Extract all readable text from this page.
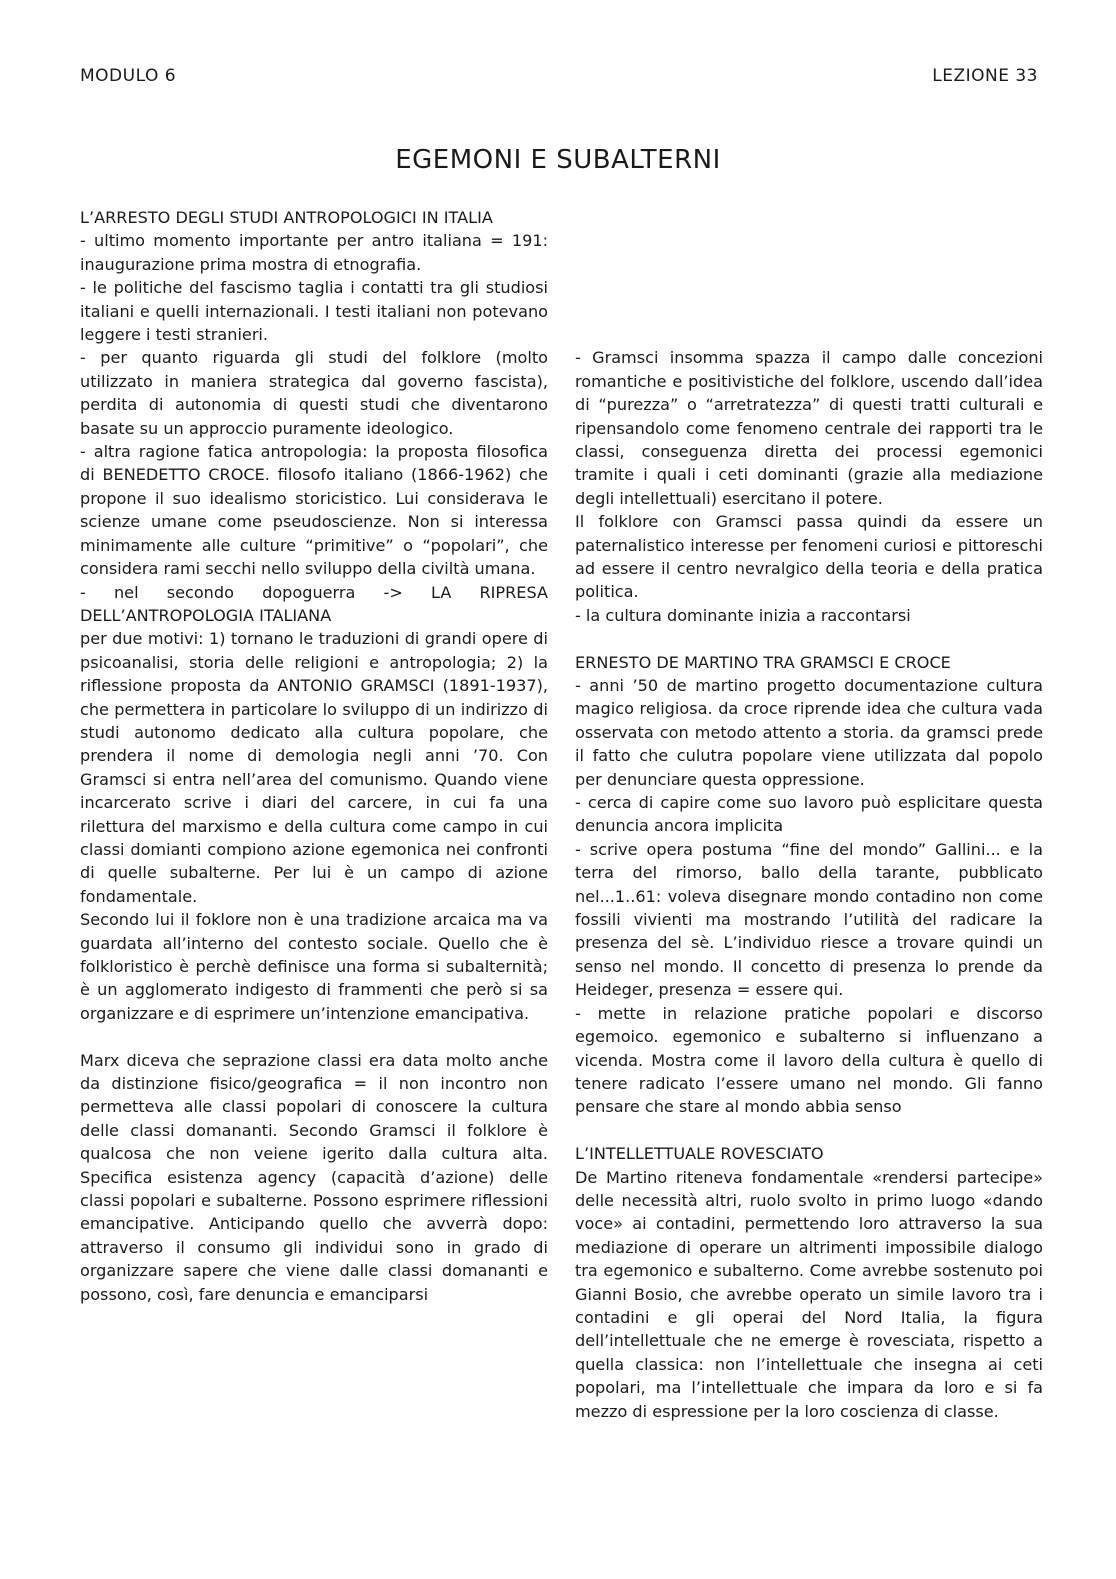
MODULO 6	LEZIONE 33
EGEMONI E SUBALTERNI

L’ARRESTO DEGLI STUDI ANTROPOLOGICI IN ITALIA

- ultimo momento importante per antro italiana = 191: inaugurazione prima mostra di etnografia.

- le politiche del fascismo taglia i contatti tra gli studiosi italiani e quelli internazionali. I testi italiani non potevano leggere i testi stranieri.

- per quanto riguarda gli studi del folklore (molto utilizzato in maniera strategica dal governo fascista), perdita di autonomia di questi studi che diventarono basate su un approccio puramente ideologico.

- altra ragione fatica antropologia: la proposta filosofica di BENEDETTO CROCE. filosofo italiano (1866-1962) che propone il suo idealismo storicistico. Lui considerava le scienze umane come pseudoscienze. Non si interessa minimamente alle culture “primitive” o “popolari”, che considera rami secchi nello sviluppo della civiltà umana.

- nel secondo dopoguerra -> LA RIPRESA DELL’ANTROPOLOGIA ITALIANA

per due motivi: 1) tornano le traduzioni di grandi opere di psicoanalisi, storia delle religioni e antropologia; 2) la riflessione proposta da ANTONIO GRAMSCI (1891-1937), che permettera in particolare lo sviluppo di un indirizzo di studi autonomo dedicato alla cultura popolare, che prendera il nome di demologia negli anni ’70. Con Gramsci si entra nell’area del comunismo. Quando viene incarcerato scrive i diari del carcere, in cui fa una rilettura del marxismo e della cultura come campo in cui classi domianti compiono azione egemonica nei confronti di quelle subalterne. Per lui è un campo di azione fondamentale.

Secondo lui il foklore non è una tradizione arcaica ma va guardata all’interno del contesto sociale. Quello che è folkloristico è perchè definisce una forma si subalternità; è un agglomerato indigesto di frammenti che però si sa organizzare e di esprimere un’intenzione emancipativa.

Marx diceva che seprazione classi era data molto anche da distinzione fisico/geografica = il non incontro non permetteva alle classi popolari di conoscere la cultura delle classi domananti. Secondo Gramsci il folklore è qualcosa che non veiene igerito dalla cultura alta. Specifica esistenza agency (capacità d’azione) delle classi popolari e subalterne. Possono esprimere riflessioni emancipative. Anticipando quello che avverrà dopo: attraverso il consumo gli individui sono in grado di organizzare sapere che viene dalle classi domananti e possono, così, fare denuncia e emanciparsi

- Gramsci insomma spazza il campo dalle concezioni romantiche e positivistiche del folklore, uscendo dall’idea di “purezza” o “arretratezza” di questi tratti culturali e ripensandolo come fenomeno centrale dei rapporti tra le classi, conseguenza diretta dei processi egemonici tramite i quali i ceti dominanti (grazie alla mediazione degli intellettuali) esercitano il potere.

Il folklore con Gramsci passa quindi da essere un paternalistico interesse per fenomeni curiosi e pittoreschi ad essere il centro nevralgico della teoria e della pratica politica.

- la cultura dominante inizia a raccontarsi

ERNESTO DE MARTINO TRA GRAMSCI E CROCE

- anni ’50 de martino progetto documentazione cultura magico religiosa. da croce riprende idea che cultura vada osservata con metodo attento a storia. da gramsci prede il fatto che culutra popolare viene utilizzata dal popolo per denunciare questa oppressione.

- cerca di capire come suo lavoro può esplicitare questa denuncia ancora implicita

- scrive opera postuma “fine del mondo” Gallini... e la terra del rimorso, ballo della tarante, pubblicato nel...1..61: voleva disegnare mondo contadino non come fossili vivienti ma mostrando l’utilità del radicare la presenza del sè. L’individuo riesce a trovare quindi un senso nel mondo. Il concetto di presenza lo prende da Heideger, presenza = essere qui.

- mette in relazione pratiche popolari e discorso egemoico. egemonico e subalterno si influenzano a vicenda. Mostra come il lavoro della cultura è quello di tenere radicato l’essere umano nel mondo. Gli fanno pensare che stare al mondo abbia senso

L’INTELLETTUALE ROVESCIATO

De Martino riteneva fondamentale «rendersi partecipe» delle necessità altri, ruolo svolto in primo luogo «dando voce» ai contadini, permettendo loro attraverso la sua mediazione di operare un altrimenti impossibile dialogo tra egemonico e subalterno. Come avrebbe sostenuto poi Gianni Bosio, che avrebbe operato un simile lavoro tra i contadini e gli operai del Nord Italia, la figura dell’intellettuale che ne emerge è rovesciata, rispetto a quella classica: non l’intellettuale che insegna ai ceti popolari, ma l’intellettuale che impara da loro e si fa mezzo di espressione per la loro coscienza di classe.
